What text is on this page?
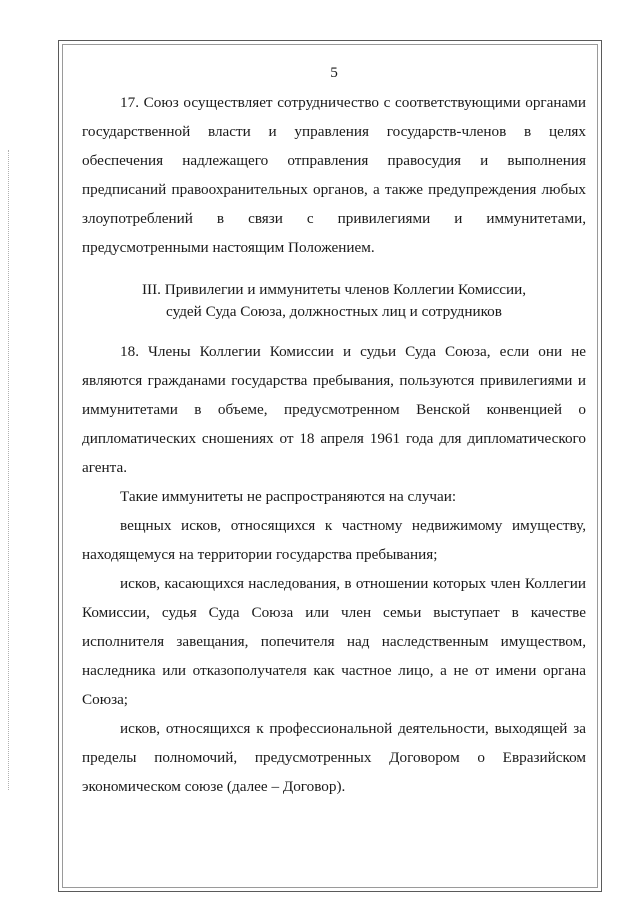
5

17. Союз осуществляет сотрудничество с соответствующими органами государственной власти и управления государств-членов в целях обеспечения надлежащего отправления правосудия и выполнения предписаний правоохранительных органов, а также предупреждения любых злоупотреблений в связи с привилегиями и иммунитетами, предусмотренными настоящим Положением.

III. Привилегии и иммунитеты членов Коллегии Комиссии,
судей Суда Союза, должностных лиц и сотрудников

18. Члены Коллегии Комиссии и судьи Суда Союза, если они не являются гражданами государства пребывания, пользуются привилегиями и иммунитетами в объеме, предусмотренном Венской конвенцией о дипломатических сношениях от 18 апреля 1961 года для дипломатического агента.

Такие иммунитеты не распространяются на случаи:

вещных исков, относящихся к частному недвижимому имуществу, находящемуся на территории государства пребывания;

исков, касающихся наследования, в отношении которых член Коллегии Комиссии, судья Суда Союза или член семьи выступает в качестве исполнителя завещания, попечителя над наследственным имуществом, наследника или отказополучателя как частное лицо, а не от имени органа Союза;

исков, относящихся к профессиональной деятельности, выходящей за пределы полномочий, предусмотренных Договором о Евразийском экономическом союзе (далее – Договор).
